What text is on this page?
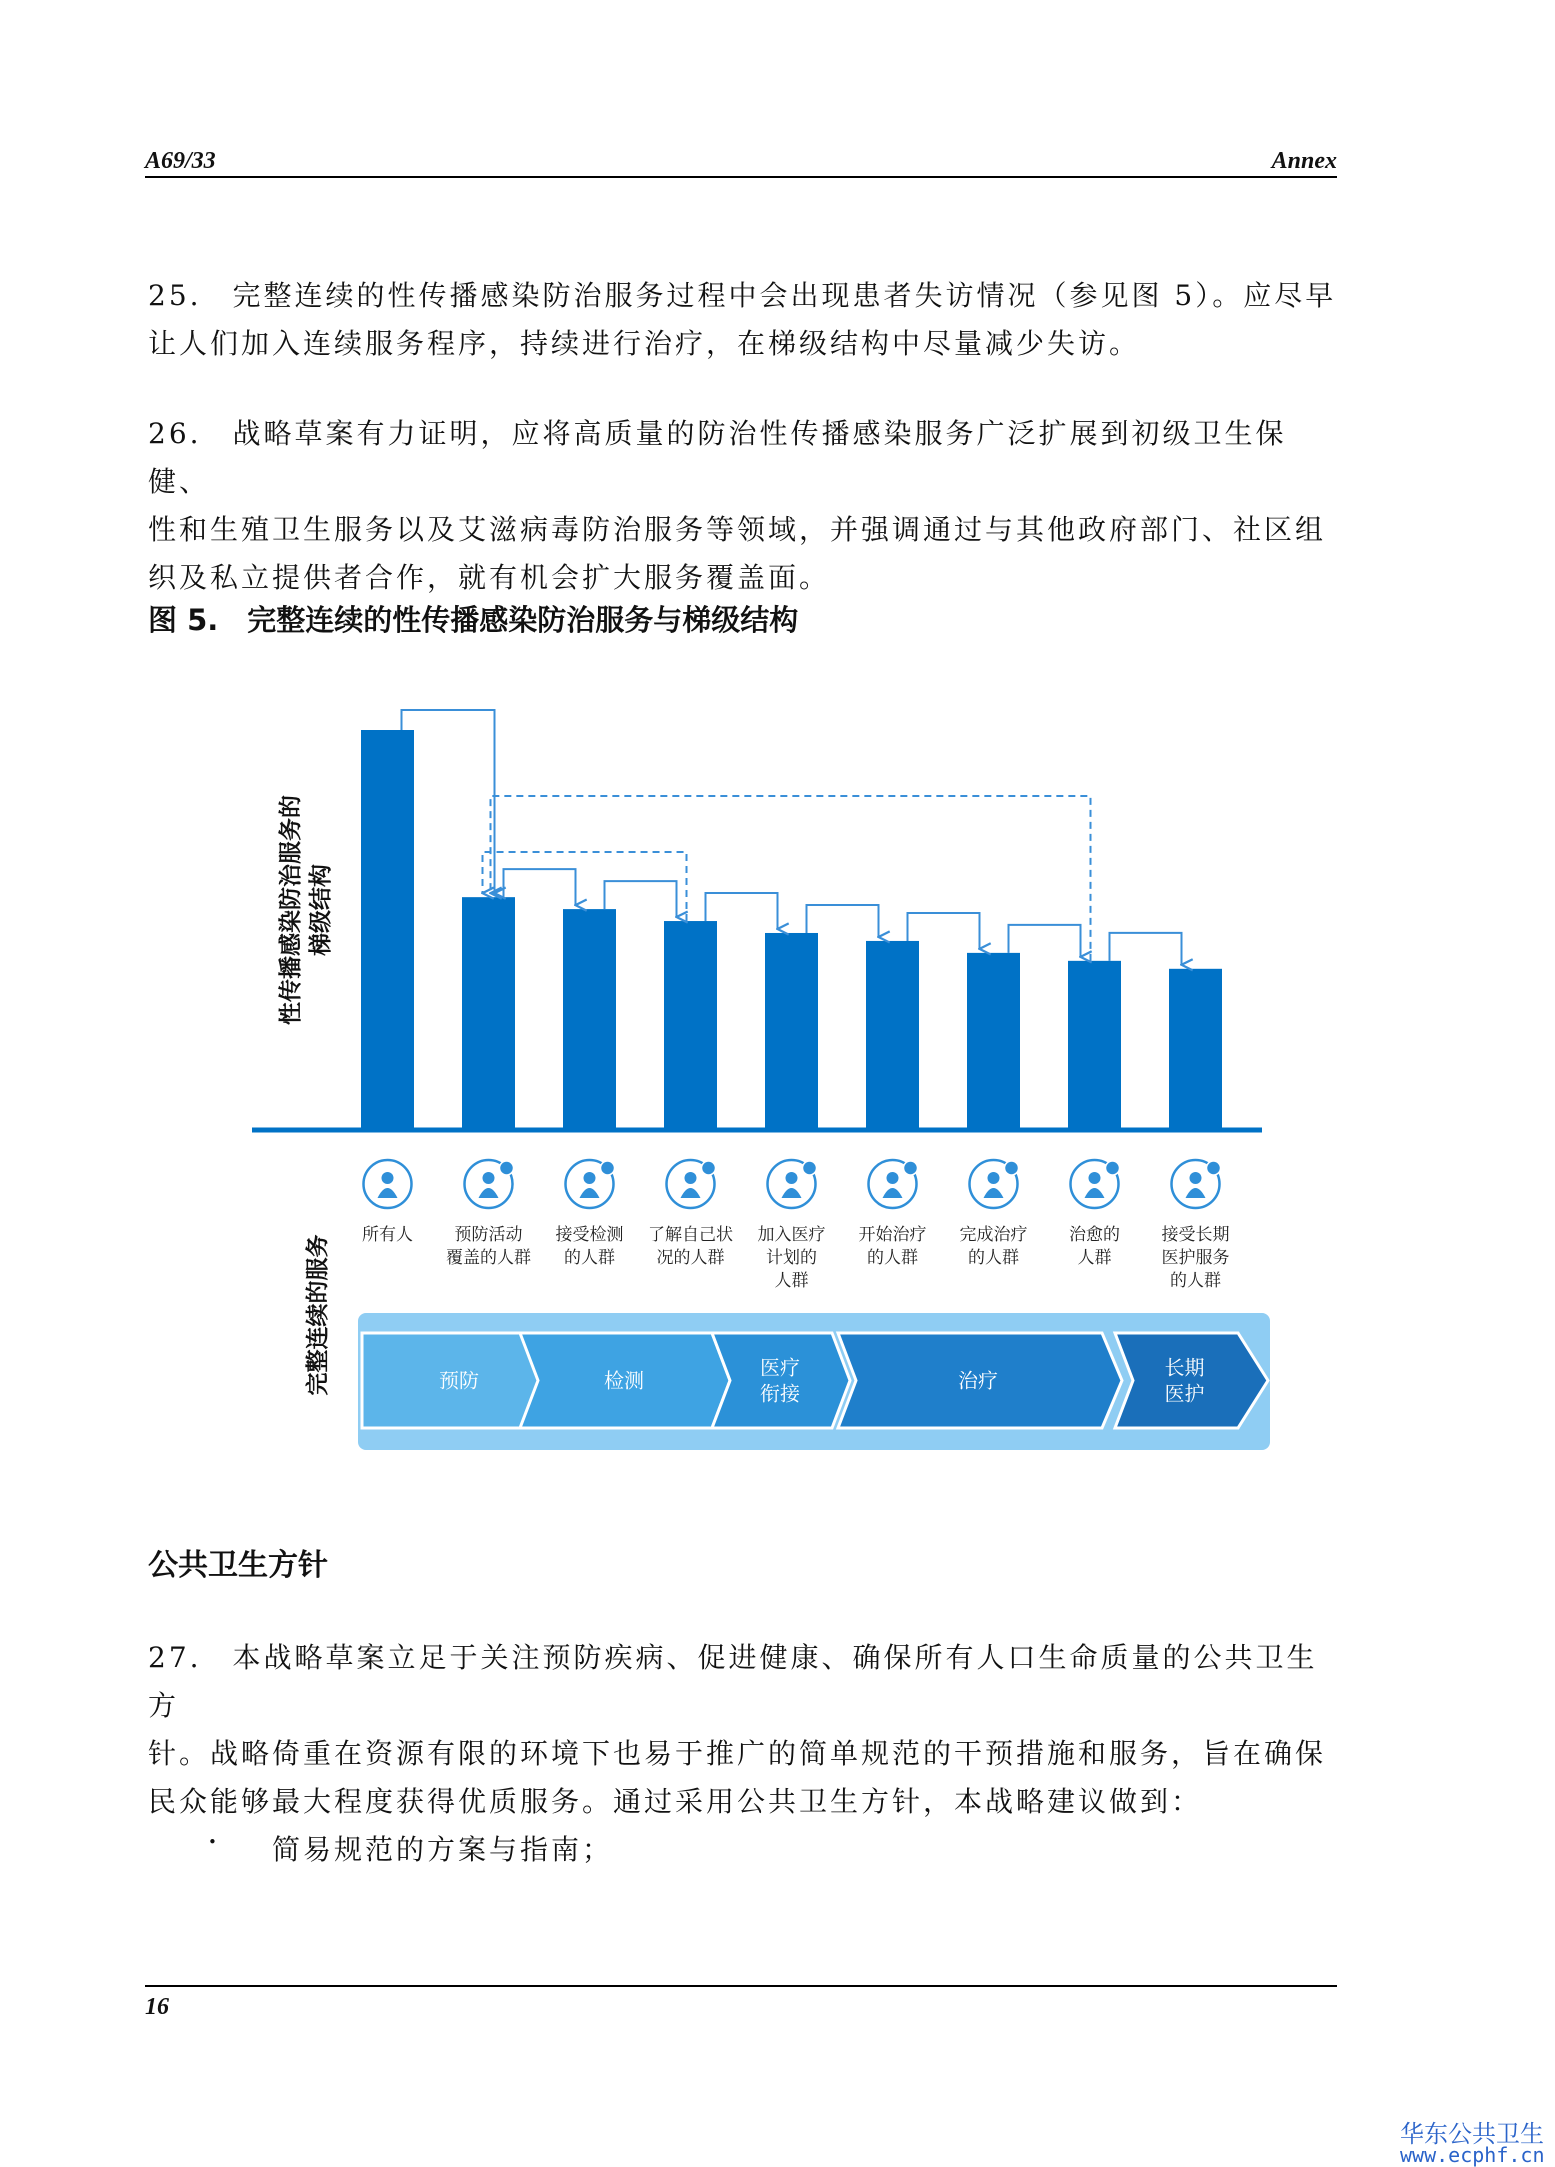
A69/33	Annex
25.　完整连续的性传播感染防治服务过程中会出现患者失访情况（参见图 5）。应尽早
让人们加入连续服务程序，持续进行治疗，在梯级结构中尽量减少失访。
26.　战略草案有力证明，应将高质量的防治性传播感染服务广泛扩展到初级卫生保健、
性和生殖卫生服务以及艾滋病毒防治服务等领域，并强调通过与其他政府部门、社区组
织及私立提供者合作，就有机会扩大服务覆盖面。
图 5.　完整连续的性传播感染防治服务与梯级结构
性传播感染防治服务的 梯级结构
完整连续的服务 所有人 预防活动
覆盖的人群
接受检测
的人群
了解自己状
况的人群
加入医疗
计划的
人群
开始治疗
的人群
完成治疗
的人群
治愈的
人群
接受长期
医护服务
的人群
预防	检测
医疗
衔接
治疗
长期
医护
公共卫生方针
27.　本战略草案立足于关注预防疾病、促进健康、确保所有人口生命质量的公共卫生方
针。战略倚重在资源有限的环境下也易于推广的简单规范的干预措施和服务，旨在确保
民众能够最大程度获得优质服务。通过采用公共卫生方针，本战略建议做到：
• 简易规范的方案与指南；
16
华东公共卫生
www.ecphf.cn
